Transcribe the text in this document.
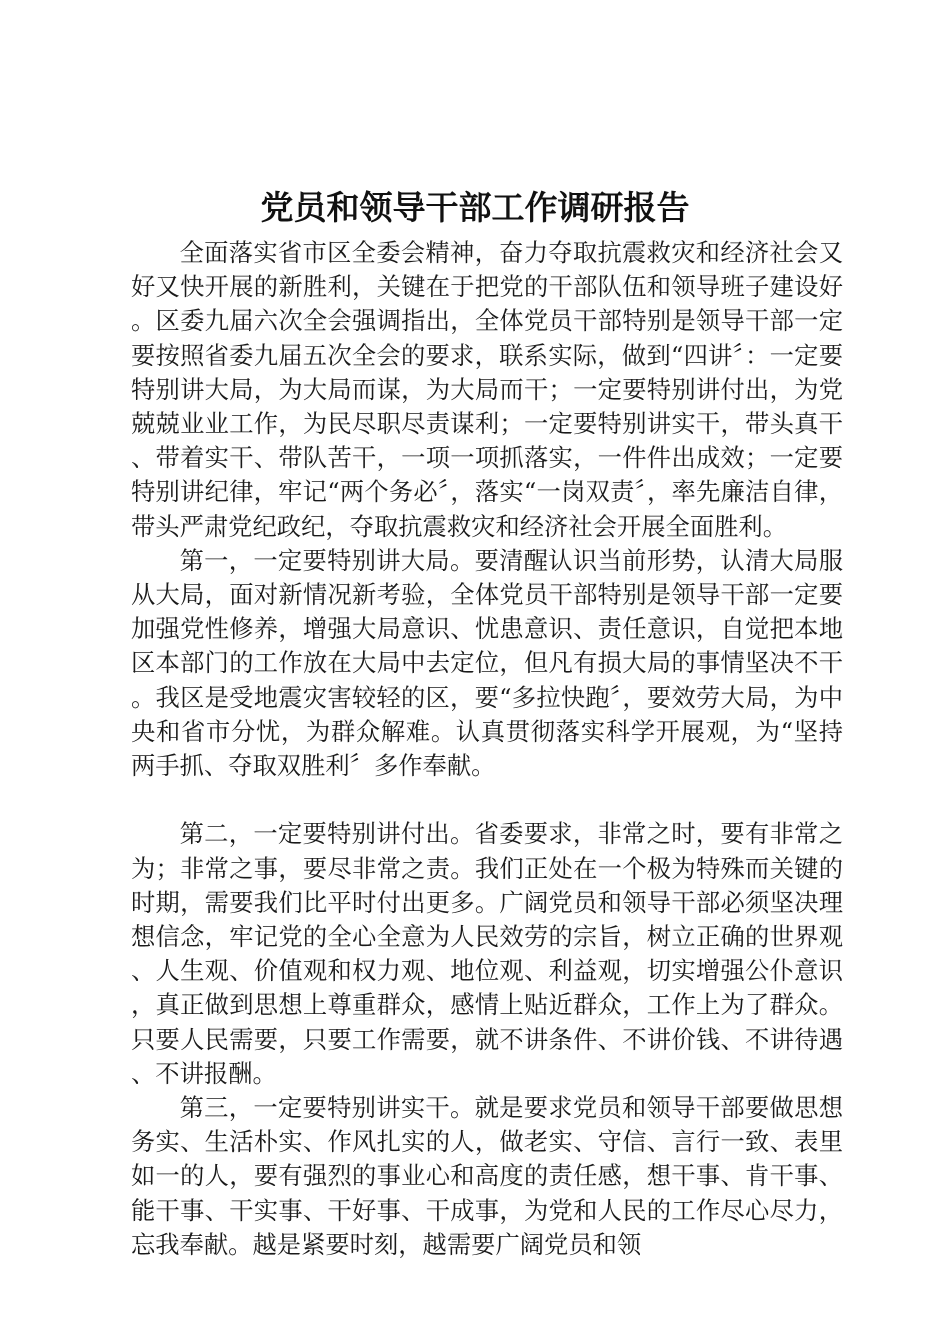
党员和领导干部工作调研报告

全面落实省市区全委会精神，奋力夺取抗震救灾和经济社会又好又快开展的新胜利，关键在于把党的干部队伍和领导班子建设好。区委九届六次全会强调指出，全体党员干部特别是领导干部一定要按照省委九届五次全会的要求，联系实际，做到“四讲〞：一定要特别讲大局，为大局而谋，为大局而干；一定要特别讲付出，为党兢兢业业工作，为民尽职尽责谋利；一定要特别讲实干，带头真干、带着实干、带队苦干，一项一项抓落实，一件件出成效；一定要特别讲纪律，牢记“两个务必〞，落实“一岗双责〞，率先廉洁自律，带头严肃党纪政纪，夺取抗震救灾和经济社会开展全面胜利。

第一，一定要特别讲大局。要清醒认识当前形势，认清大局服从大局，面对新情况新考验，全体党员干部特别是领导干部一定要加强党性修养，增强大局意识、忧患意识、责任意识，自觉把本地区本部门的工作放在大局中去定位，但凡有损大局的事情坚决不干。我区是受地震灾害较轻的区，要“多拉快跑〞，要效劳大局，为中央和省市分忧，为群众解难。认真贯彻落实科学开展观，为“坚持两手抓、夺取双胜利〞多作奉献。

第二，一定要特别讲付出。省委要求，非常之时，要有非常之为；非常之事，要尽非常之责。我们正处在一个极为特殊而关键的时期，需要我们比平时付出更多。广阔党员和领导干部必须坚决理想信念，牢记党的全心全意为人民效劳的宗旨，树立正确的世界观、人生观、价值观和权力观、地位观、利益观，切实增强公仆意识，真正做到思想上尊重群众，感情上贴近群众，工作上为了群众。只要人民需要，只要工作需要，就不讲条件、不讲价钱、不讲待遇、不讲报酬。

第三，一定要特别讲实干。就是要求党员和领导干部要做思想务实、生活朴实、作风扎实的人，做老实、守信、言行一致、表里如一的人，要有强烈的事业心和高度的责任感，想干事、肯干事、能干事、干实事、干好事、干成事，为党和人民的工作尽心尽力，忘我奉献。越是紧要时刻，越需要广阔党员和领
